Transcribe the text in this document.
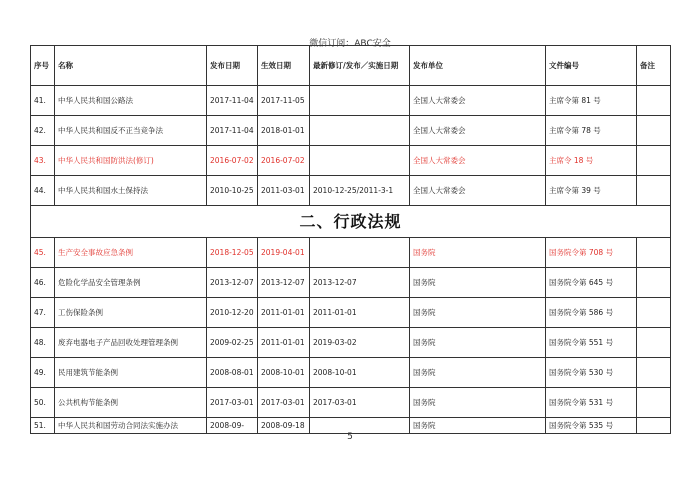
微信订阅：ABC安全
序号	名称	发布日期	生效日期	最新修订/发布／实施日期	发布单位	文件编号	备注
41.	中华人民共和国公路法	2017-11-04	2017-11-05		全国人大常委会	主席令第 81 号	
42.	中华人民共和国反不正当竞争法	2017-11-04	2018-01-01		全国人大常委会	主席令第 78 号	
43.	中华人民共和国防洪法(修订)	2016-07-02	2016-07-02		全国人大常委会	主席令 18 号	
44.	中华人民共和国水土保持法	2010-10-25	2011-03-01	2010-12-25/2011-3-1	全国人大常委会	主席令第 39 号	
二、行政法规							
45.	生产安全事故应急条例	2018-12-05	2019-04-01		国务院	国务院令第 708 号	
46.	危险化学品安全管理条例	2013-12-07	2013-12-07	2013-12-07	国务院	国务院令第 645 号	
47.	工伤保险条例	2010-12-20	2011-01-01	2011-01-01	国务院	国务院令第 586 号	
48.	废弃电器电子产品回收处理管理条例	2009-02-25	2011-01-01	2019-03-02	国务院	国务院令第 551 号	
49.	民用建筑节能条例	2008-08-01	2008-10-01	2008-10-01	国务院	国务院令第 530 号	
50.	公共机构节能条例	2017-03-01	2017-03-01	2017-03-01	国务院	国务院令第 531 号	
51.	中华人民共和国劳动合同法实施办法	2008-09-	2008-09-18		国务院	国务院令第 535 号	
5
